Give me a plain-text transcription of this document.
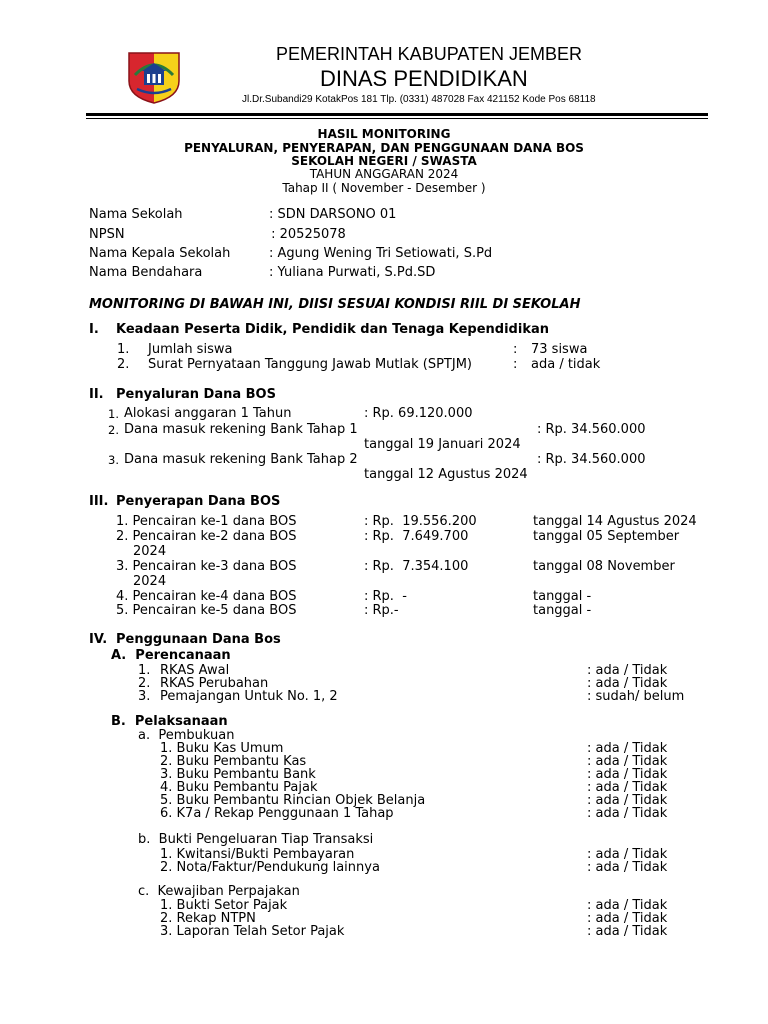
PEMERINTAH KABUPATEN JEMBER
DINAS PENDIDIKAN
Jl.Dr.Subandi29 KotakPos 181 Tlp. (0331) 487028 Fax 421152 Kode Pos 68118
HASIL MONITORING
PENYALURAN, PENYERAPAN, DAN PENGGUNAAN DANA BOS
SEKOLAH NEGERI / SWASTA
TAHUN ANGGARAN 2024
Tahap II ( November - Desember )
Nama Sekolah	: SDN DARSONO 01
NPSN	: 20525078
Nama Kepala Sekolah	: Agung Wening Tri Setiowati, S.Pd
Nama Bendahara	: Yuliana Purwati, S.Pd.SD
MONITORING DI BAWAH INI, DIISI SESUAI KONDISI RIIL DI SEKOLAH
I. Keadaan Peserta Didik, Pendidik dan Tenaga Kependidikan
1. Jumlah siswa	: 73 siswa
2. Surat Pernyataan Tanggung Jawab Mutlak (SPTJM)	: ada / tidak
II. Penyaluran Dana BOS
1. Alokasi anggaran 1 Tahun	: Rp. 69.120.000
2. Dana masuk rekening Bank Tahap 1	: Rp. 34.560.000
tanggal 19 Januari 2024
3. Dana masuk rekening Bank Tahap 2	: Rp. 34.560.000
tanggal 12 Agustus 2024
III. Penyerapan Dana BOS
1. Pencairan ke-1 dana BOS	: Rp.  19.556.200	tanggal 14 Agustus 2024
2. Pencairan ke-2 dana BOS	: Rp.  7.649.700	tanggal 05 September
2024
3. Pencairan ke-3 dana BOS	: Rp.  7.354.100	tanggal 08 November
2024
4. Pencairan ke-4 dana BOS	: Rp.  -	tanggal -
5. Pencairan ke-5 dana BOS	: Rp.-	tanggal -
IV. Penggunaan Dana Bos
A.  Perencanaan
1. RKAS Awal	: ada / Tidak
2. RKAS Perubahan	: ada / Tidak
3. Pemajangan Untuk No. 1, 2	: sudah/ belum
B.  Pelaksanaan
a.  Pembukuan
1. Buku Kas Umum	: ada / Tidak
2. Buku Pembantu Kas	: ada / Tidak
3. Buku Pembantu Bank	: ada / Tidak
4. Buku Pembantu Pajak	: ada / Tidak
5. Buku Pembantu Rincian Objek Belanja	: ada / Tidak
6. K7a / Rekap Penggunaan 1 Tahap	: ada / Tidak
b.  Bukti Pengeluaran Tiap Transaksi
1. Kwitansi/Bukti Pembayaran	: ada / Tidak
2. Nota/Faktur/Pendukung lainnya	: ada / Tidak
c.  Kewajiban Perpajakan
1. Bukti Setor Pajak	: ada / Tidak
2. Rekap NTPN	: ada / Tidak
3. Laporan Telah Setor Pajak	: ada / Tidak
